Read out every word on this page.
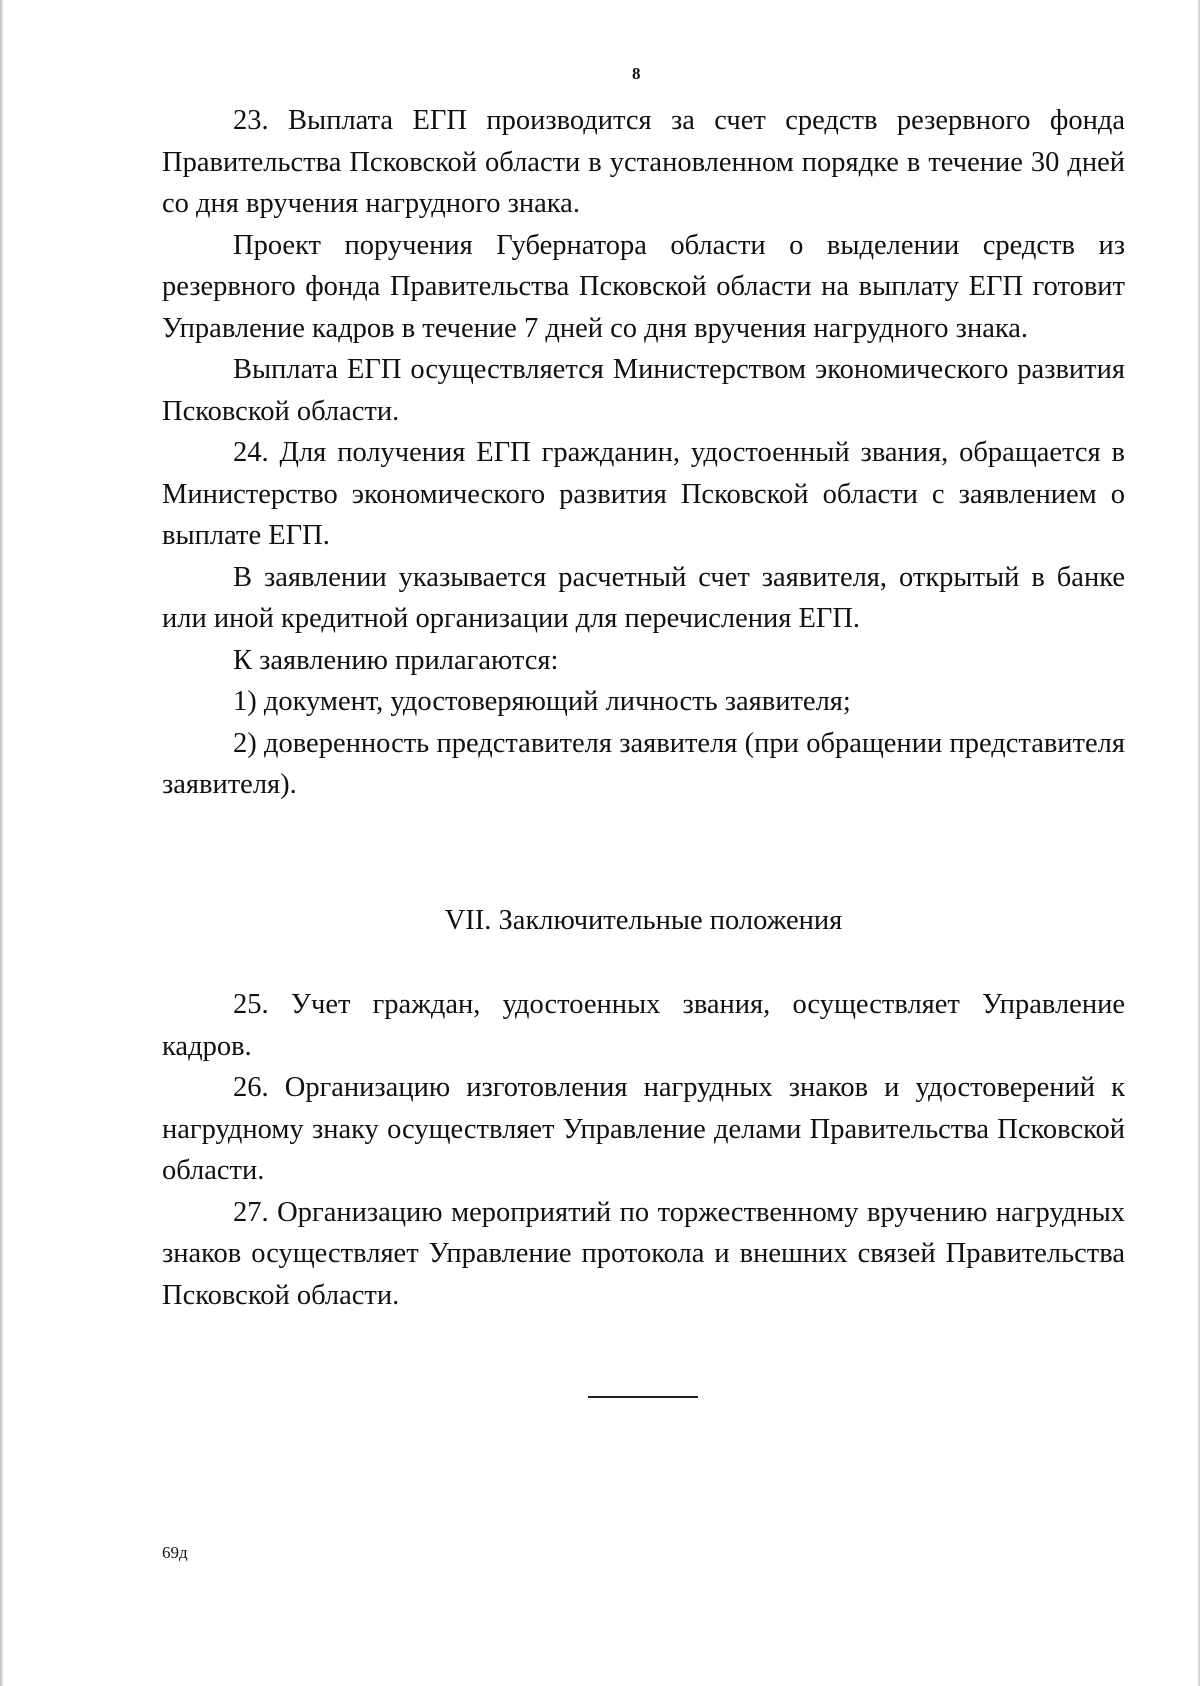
8

23. Выплата ЕГП производится за счет средств резервного фонда Правительства Псковской области в установленном порядке в течение 30 дней со дня вручения нагрудного знака.

Проект поручения Губернатора области о выделении средств из резервного фонда Правительства Псковской области на выплату ЕГП готовит Управление кадров в течение 7 дней со дня вручения нагрудного знака.

Выплата ЕГП осуществляется Министерством экономического развития Псковской области.

24. Для получения ЕГП гражданин, удостоенный звания, обращается в Министерство экономического развития Псковской области с заявлением о выплате ЕГП.

В заявлении указывается расчетный счет заявителя, открытый в банке или иной кредитной организации для перечисления ЕГП.

К заявлению прилагаются:

1) документ, удостоверяющий личность заявителя;

2) доверенность представителя заявителя (при обращении представителя заявителя).

VII. Заключительные положения

25. Учет граждан, удостоенных звания, осуществляет Управление кадров.

26. Организацию изготовления нагрудных знаков и удостоверений к нагрудному знаку осуществляет Управление делами Правительства Псковской области.

27. Организацию мероприятий по торжественному вручению нагрудных знаков осуществляет Управление протокола и внешних связей Правительства Псковской области.

69д
